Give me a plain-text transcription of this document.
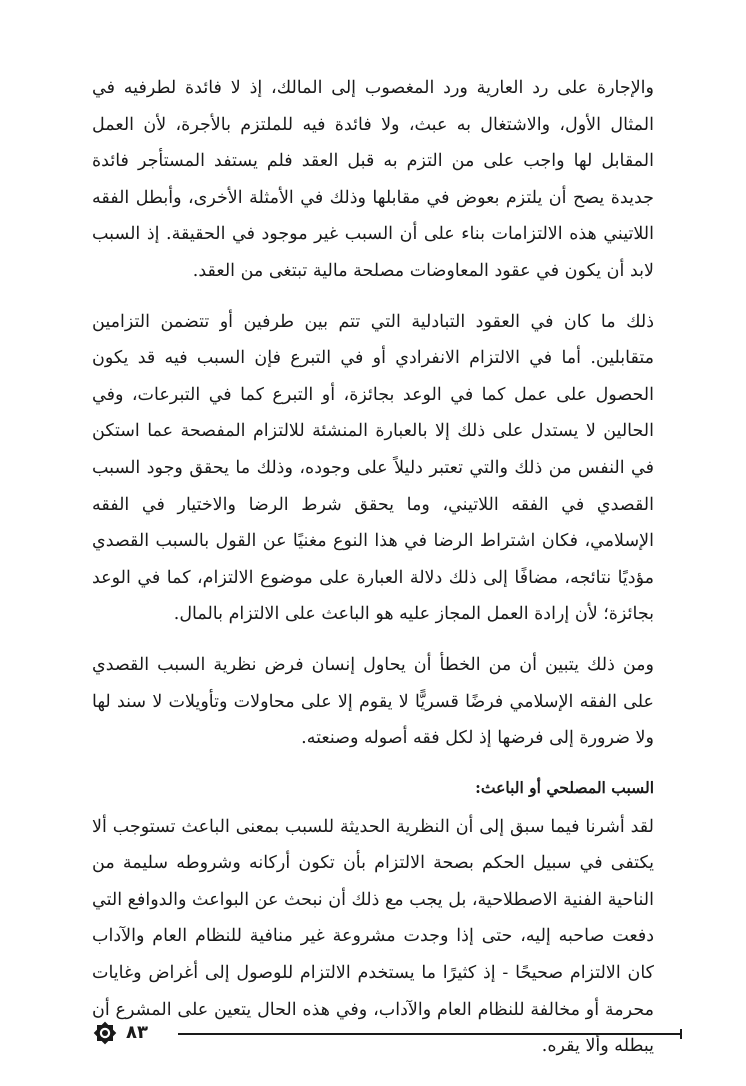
والإجارة على رد العارية ورد المغصوب إلى المالك، إذ لا فائدة لطرفيه في المثال الأول، والاشتغال به عبث، ولا فائدة فيه للملتزم بالأجرة، لأن العمل المقابل لها واجب على من التزم به قبل العقد فلم يستفد المستأجر فائدة جديدة يصح أن يلتزم بعوض في مقابلها وذلك في الأمثلة الأخرى، وأبطل الفقه اللاتيني هذه الالتزامات بناء على أن السبب غير موجود في الحقيقة. إذ السبب لابد أن يكون في عقود المعاوضات مصلحة مالية تبتغى من العقد.

ذلك ما كان في العقود التبادلية التي تتم بين طرفين أو تتضمن التزامين متقابلين. أما في الالتزام الانفرادي أو في التبرع فإن السبب فيه قد يكون الحصول على عمل كما في الوعد بجائزة، أو التبرع كما في التبرعات، وفي الحالين لا يستدل على ذلك إلا بالعبارة المنشئة للالتزام المفصحة عما استكن في النفس من ذلك والتي تعتبر دليلاً على وجوده، وذلك ما يحقق وجود السبب القصدي في الفقه اللاتيني، وما يحقق شرط الرضا والاختيار في الفقه الإسلامي، فكان اشتراط الرضا في هذا النوع مغنيًا عن القول بالسبب القصدي مؤديًا نتائجه، مضافًا إلى ذلك دلالة العبارة على موضوع الالتزام، كما في الوعد بجائزة؛ لأن إرادة العمل المجاز عليه هو الباعث على الالتزام بالمال.

ومن ذلك يتبين أن من الخطأ أن يحاول إنسان فرض نظرية السبب القصدي على الفقه الإسلامي فرضًا قسريًّا لا يقوم إلا على محاولات وتأويلات لا سند لها ولا ضرورة إلى فرضها إذ لكل فقه أصوله وصنعته.

السبب المصلحي أو الباعث:

لقد أشرنا فيما سبق إلى أن النظرية الحديثة للسبب بمعنى الباعث تستوجب ألا يكتفى في سبيل الحكم بصحة الالتزام بأن تكون أركانه وشروطه سليمة من الناحية الفنية الاصطلاحية، بل يجب مع ذلك أن نبحث عن البواعث والدوافع التي دفعت صاحبه إليه، حتى إذا وجدت مشروعة غير منافية للنظام العام والآداب كان الالتزام صحيحًا - إذ كثيرًا ما يستخدم الالتزام للوصول إلى أغراض وغايات محرمة أو مخالفة للنظام العام والآداب، وفي هذه الحال يتعين على المشرع أن يبطله وألا يقره.

٨٣
